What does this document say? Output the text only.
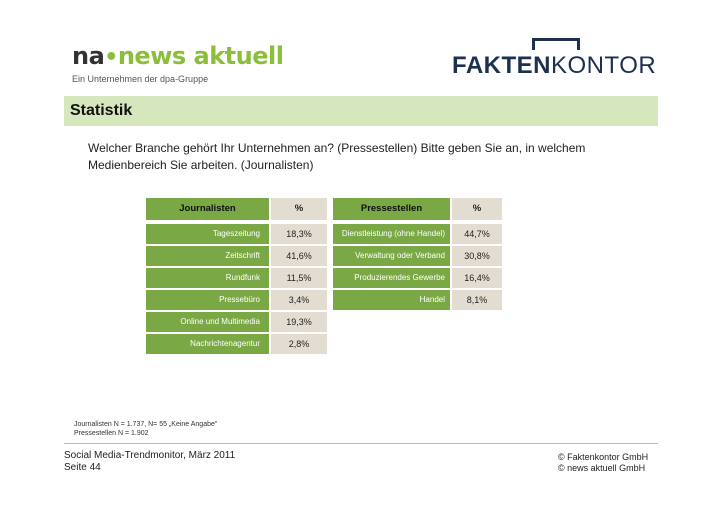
na•news aktuell
Ein Unternehmen der dpa-Gruppe	FAKTENKONTOR
Statistik
Welcher Branche gehört Ihr Unternehmen an? (Pressestellen) Bitte geben Sie an, in welchem Medienbereich Sie arbeiten. (Journalisten)
Journalisten	%	Pressestellen	%
Tageszeitung	18,3%
Zeitschrift	41,6%
Rundfunk	11,5%
Pressebüro	3,4%
Online und Multimedia	19,3%
Nachrichtenagentur	2,8%
Dienstleistung (ohne Handel)	44,7%
Verwaltung oder Verband	30,8%
Produzierendes Gewerbe	16,4%
Handel	8,1%
Journalisten N = 1.737, N= 55 „Keine Angabe"
Pressestellen N = 1.902
Social Media-Trendmonitor, März 2011
Seite 44
© Faktenkontor GmbH
© news aktuell GmbH
